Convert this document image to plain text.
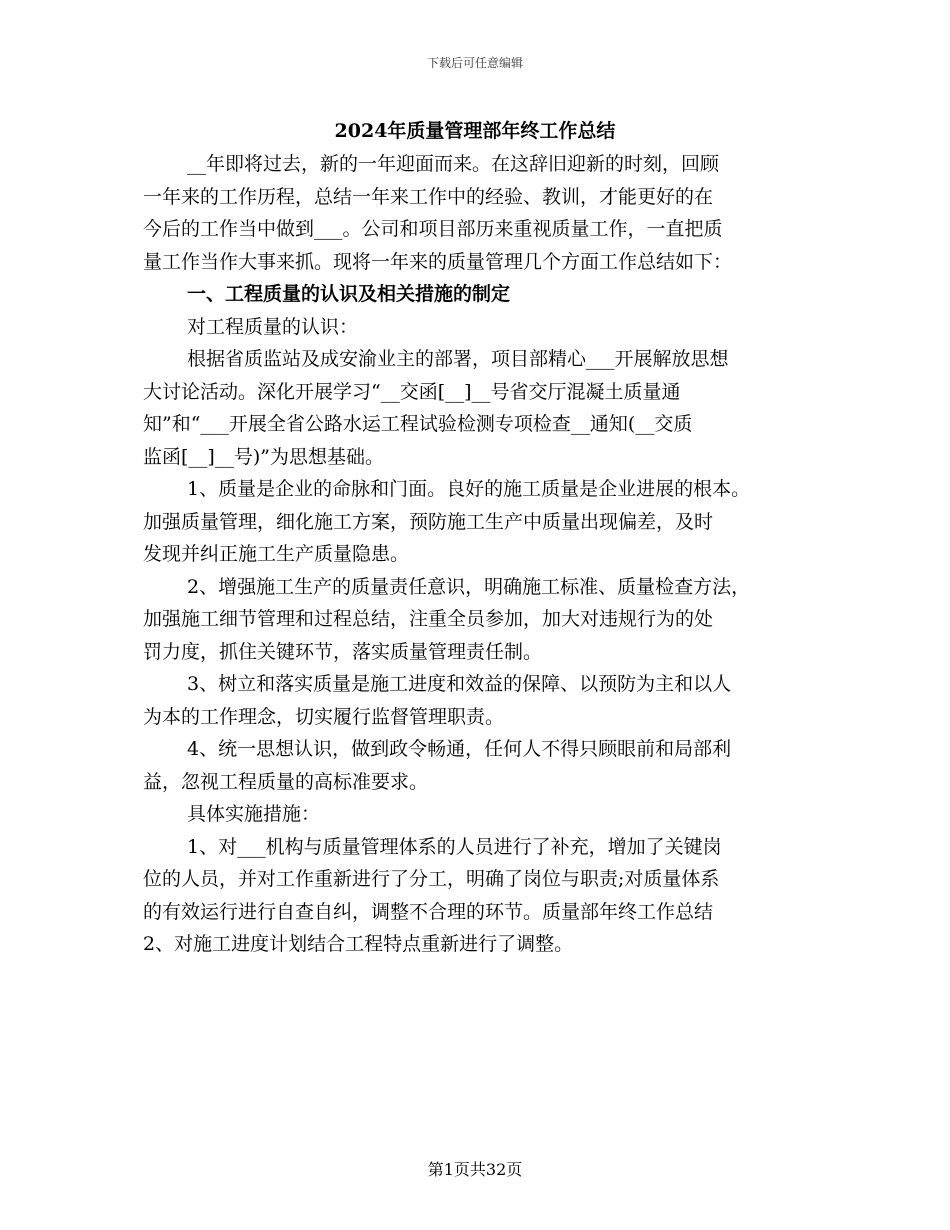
下载后可任意编辑
2024年质量管理部年终工作总结

__年即将过去，新的一年迎面而来。在这辞旧迎新的时刻，回顾

一年来的工作历程，总结一年来工作中的经验、教训，才能更好的在

今后的工作当中做到___。公司和项目部历来重视质量工作，一直把质

量工作当作大事来抓。现将一年来的质量管理几个方面工作总结如下：

一、工程质量的认识及相关措施的制定

对工程质量的认识：

根据省质监站及成安渝业主的部署，项目部精心___开展解放思想

大讨论活动。深化开展学习“__交函[__]__号省交厅混凝土质量通

知”和“___开展全省公路水运工程试验检测专项检查__通知(__交质

监函[__]__号)”为思想基础。

1、质量是企业的命脉和门面。良好的施工质量是企业进展的根本。

加强质量管理，细化施工方案，预防施工生产中质量出现偏差，及时

发现并纠正施工生产质量隐患。

2、增强施工生产的质量责任意识，明确施工标准、质量检查方法，

加强施工细节管理和过程总结，注重全员参加，加大对违规行为的处

罚力度，抓住关键环节，落实质量管理责任制。

3、树立和落实质量是施工进度和效益的保障、以预防为主和以人

为本的工作理念，切实履行监督管理职责。

4、统一思想认识，做到政令畅通，任何人不得只顾眼前和局部利

益，忽视工程质量的高标准要求。

具体实施措施：

1、对___机构与质量管理体系的人员进行了补充，增加了关键岗

位的人员，并对工作重新进行了分工，明确了岗位与职责;对质量体系

的有效运行进行自查自纠，调整不合理的环节。质量部年终工作总结

2、对施工进度计划结合工程特点重新进行了调整。

第1页共32页
